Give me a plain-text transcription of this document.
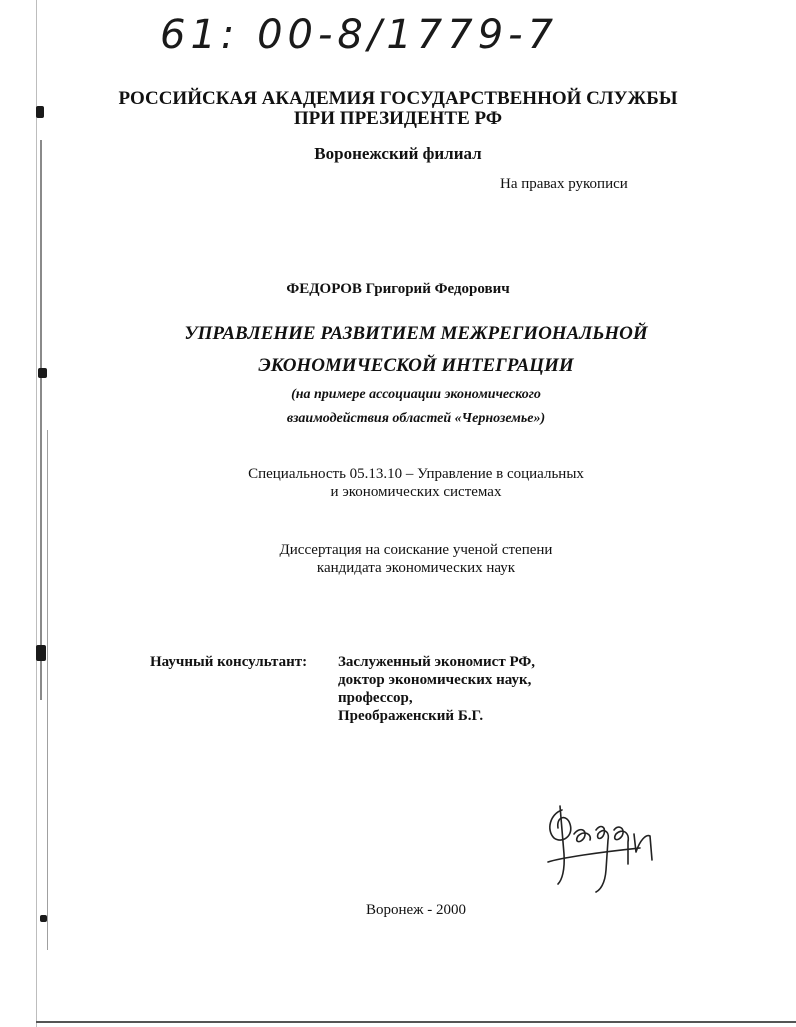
61: 00-8/1779-7
РОССИЙСКАЯ АКАДЕМИЯ ГОСУДАРСТВЕННОЙ СЛУЖБЫ
ПРИ ПРЕЗИДЕНТЕ РФ
Воронежский филиал
На правах рукописи
ФЕДОРОВ Григорий Федорович
УПРАВЛЕНИЕ РАЗВИТИЕМ МЕЖРЕГИОНАЛЬНОЙ
ЭКОНОМИЧЕСКОЙ ИНТЕГРАЦИИ
(на примере ассоциации экономического
взаимодействия областей «Черноземье»)
Специальность 05.13.10 – Управление в социальных
и экономических системах
Диссертация на соискание ученой степени
кандидата экономических наук
Научный консультант: Заслуженный экономист РФ,
доктор экономических наук,
профессор,
Преображенский Б.Г.
Воронеж - 2000
